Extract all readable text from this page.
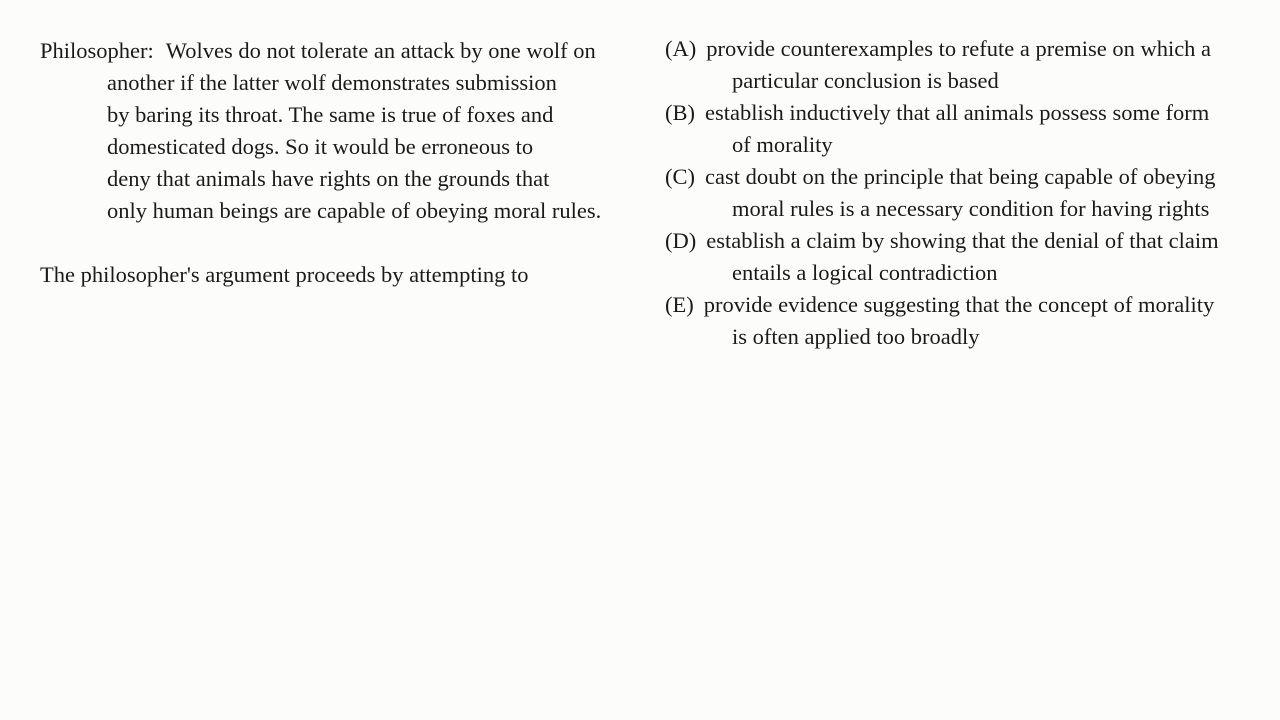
Philosopher: Wolves do not tolerate an attack by one wolf on
another if the latter wolf demonstrates submission
by baring its throat. The same is true of foxes and
domesticated dogs. So it would be erroneous to
deny that animals have rights on the grounds that
only human beings are capable of obeying moral rules.
The philosopher's argument proceeds by attempting to
(A) provide counterexamples to refute a premise on which a
particular conclusion is based
(B) establish inductively that all animals possess some form
of morality
(C) cast doubt on the principle that being capable of obeying
moral rules is a necessary condition for having rights
(D) establish a claim by showing that the denial of that claim
entails a logical contradiction
(E) provide evidence suggesting that the concept of morality
is often applied too broadly
